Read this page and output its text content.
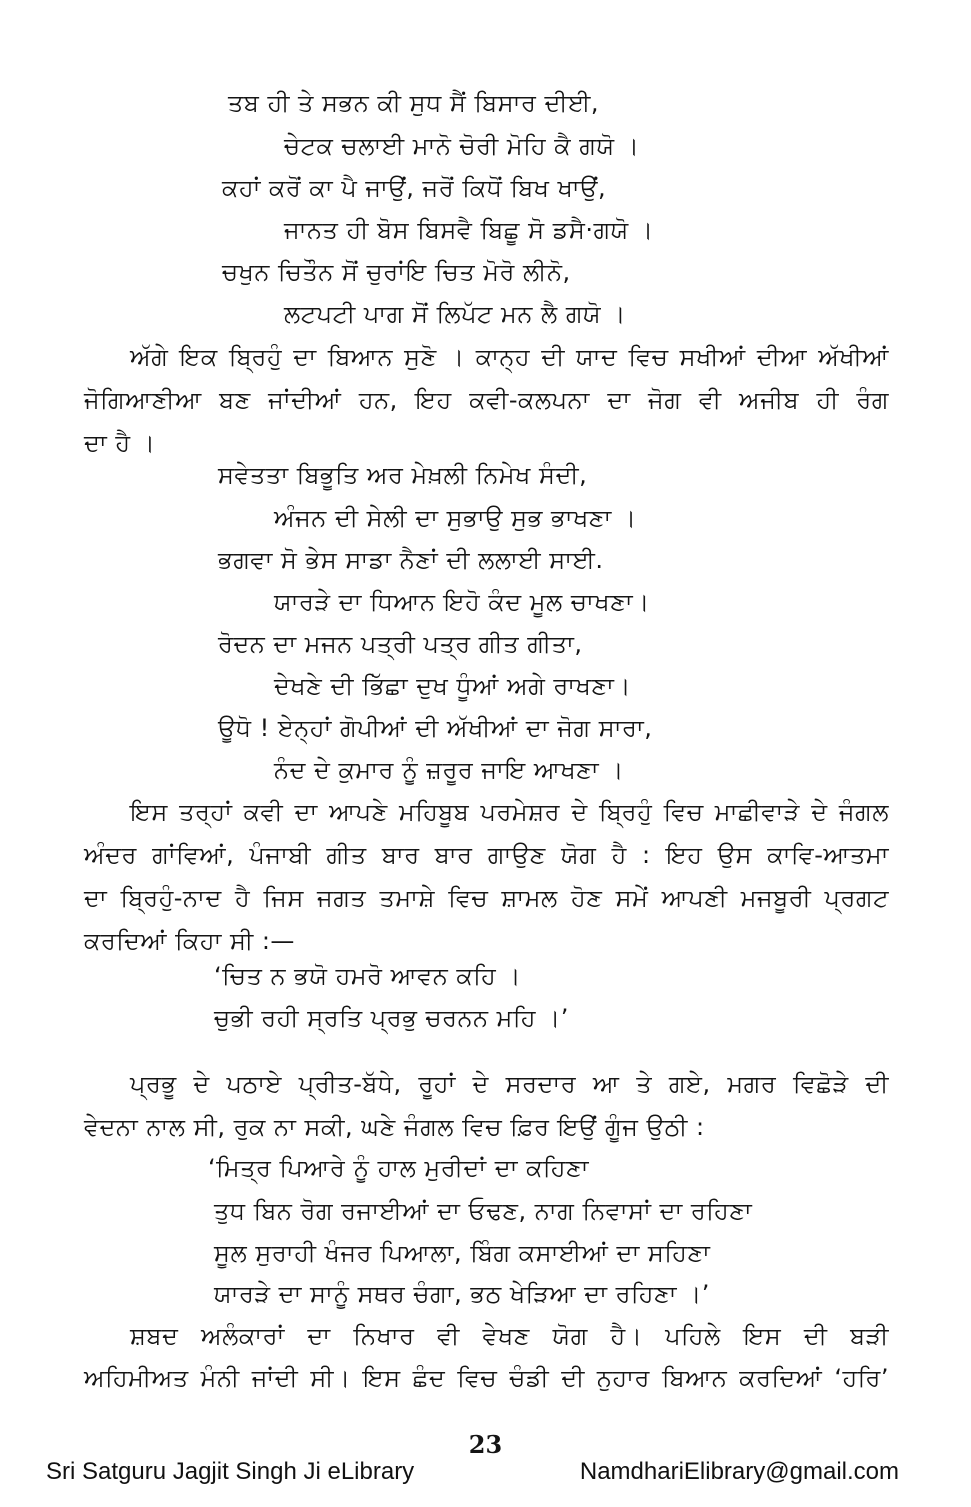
ਤਬ ਹੀ ਤੇ ਸਭਨ ਕੀ ਸੁਧ ਸੈਂ ਬਿਸਾਰ ਦੀਈ,
ਚੇਟਕ ਚਲਾਈ ਮਾਨੋ ਚੋਰੀ ਮੋਹਿ ਕੈ ਗਯੋ ।
ਕਹਾਂ ਕਰੋਂ ਕਾ ਪੈ ਜਾਉਂ, ਜਰੋਂ ਕਿਧੋਂ ਬਿਖ ਖਾਉਂ,
ਜਾਨਤ ਹੀ ਬੋਸ ਬਿਸਵੈ ਬਿਛੂ ਸੋ ਡਸੈ·ਗਯੋ ।
ਚਖੁਨ ਚਿਤੌਨ ਸੋਂ ਚੁਰਾਂਇ ਚਿਤ ਮੋਰੋ ਲੀਨੋ,
ਲਟਪਟੀ ਪਾਗ ਸੋਂ ਲਿਪੱਟ ਮਨ ਲੈ ਗਯੋ ।
ਅੱਗੇ ਇਕ ਬ੍ਰਿਹੁੰ ਦਾ ਬਿਆਨ ਸੁਣੋ । ਕਾਨ੍ਹ ਦੀ ਯਾਦ ਵਿਚ ਸਖੀਆਂ ਦੀਆ ਅੱਖੀਆਂ
ਜੋਗਿਆਣੀਆ ਬਣ ਜਾਂਦੀਆਂ ਹਨ, ਇਹ ਕਵੀ-ਕਲਪਨਾ ਦਾ ਜੋਗ ਵੀ ਅਜੀਬ ਹੀ ਰੰਗ
ਦਾ ਹੈ ।
ਸਵੇਤਤਾ ਬਿਭੂਤਿ ਅਰ ਮੇਖ਼ਲੀ ਨਿਮੇਖ ਸੰਦੀ,
ਅੰਜਨ ਦੀ ਸੇਲੀ ਦਾ ਸੁਭਾਉ ਸੁਭ ਭਾਖਣਾ ।
ਭਗਵਾ ਸੋ ਭੇਸ ਸਾਡਾ ਨੈਣਾਂ ਦੀ ਲਲਾਈ ਸਾਈ.
ਯਾਰੜੇ ਦਾ ਧਿਆਨ ਇਹੋ ਕੰਦ ਮੂਲ ਚਾਖਣਾ।
ਰੋਦਨ ਦਾ ਮਜਨ ਪਤ੍ਰੀ ਪਤ੍ਰ ਗੀਤ ਗੀਤਾ,
ਦੇਖਣੇ ਦੀ ਭਿੱਛਾ ਦੁਖ ਧੂੰਆਂ ਅਗੇ ਰਾਖਣਾ।
ਊਧੋ ! ਏਨ੍ਹਾਂ ਗੋਪੀਆਂ ਦੀ ਅੱਖੀਆਂ ਦਾ ਜੋਗ ਸਾਰਾ,
ਨੰਦ ਦੇ ਕੁਮਾਰ ਨੂੰ ਜ਼ਰੂਰ ਜਾਇ ਆਖਣਾ ।
ਇਸ ਤਰ੍ਹਾਂ ਕਵੀ ਦਾ ਆਪਣੇ ਮਹਿਬੂਬ ਪਰਮੇਸ਼ਰ ਦੇ ਬ੍ਰਿਹੁੰ ਵਿਚ ਮਾਛੀਵਾੜੇ ਦੇ ਜੰਗਲ
ਅੰਦਰ ਗਾਂਵਿਆਂ, ਪੰਜਾਬੀ ਗੀਤ ਬਾਰ ਬਾਰ ਗਾਉਣ ਯੋਗ ਹੈ : ਇਹ ਉਸ ਕਾਵਿ-ਆਤਮਾ
ਦਾ ਬ੍ਰਿਹੁੰ-ਨਾਦ ਹੈ ਜਿਸ ਜਗਤ ਤਮਾਸ਼ੇ ਵਿਚ ਸ਼ਾਮਲ ਹੋਣ ਸਮੇਂ ਆਪਣੀ ਮਜਬੂਰੀ ਪ੍ਰਗਟ
ਕਰਦਿਆਂ ਕਿਹਾ ਸੀ :—
‘ਚਿਤ ਨ ਭਯੋ ਹਮਰੋ ਆਵਨ ਕਹਿ ।
ਚੁਭੀ ਰਹੀ ਸ੍ਰਤਿ ਪ੍ਰਭੁ ਚਰਨਨ ਮਹਿ ।’
ਪ੍ਰਭੂ ਦੇ ਪਠਾਏ ਪ੍ਰੀਤ-ਬੱਧੇ, ਰੂਹਾਂ ਦੇ ਸਰਦਾਰ ਆ ਤੇ ਗਏ, ਮਗਰ ਵਿਛੋੜੇ ਦੀ
ਵੇਦਨਾ ਨਾਲ ਸੀ, ਰੁਕ ਨਾ ਸਕੀ, ਘਣੇ ਜੰਗਲ ਵਿਚ ਫ਼ਿਰ ਇਉਂ ਗੂੰਜ ਉਠੀ :
‘ਮਿਤ੍ਰ ਪਿਆਰੇ ਨੂੰ ਹਾਲ ਮੁਰੀਦਾਂ ਦਾ ਕਹਿਣਾ
ਤੁਧ ਬਿਨ ਰੋਗ ਰਜਾਈਆਂ ਦਾ ਓਢਣ, ਨਾਗ ਨਿਵਾਸਾਂ ਦਾ ਰਹਿਣਾ
ਸੂਲ ਸੁਰਾਹੀ ਖੰਜਰ ਪਿਆਲਾ, ਬਿੰਗ ਕਸਾਈਆਂ ਦਾ ਸਹਿਣਾ
ਯਾਰੜੇ ਦਾ ਸਾਨੂੰ ਸਥਰ ਚੰਗਾ, ਭਠ ਖੇੜਿਆ ਦਾ ਰਹਿਣਾ ।’
ਸ਼ਬਦ ਅਲੰਕਾਰਾਂ ਦਾ ਨਿਖਾਰ ਵੀ ਵੇਖਣ ਯੋਗ ਹੈ। ਪਹਿਲੇ ਇਸ ਦੀ ਬੜੀ
ਅਹਿਮੀਅਤ ਮੰਨੀ ਜਾਂਦੀ ਸੀ। ਇਸ ਛੰਦ ਵਿਚ ਚੰਡੀ ਦੀ ਨੁਹਾਰ ਬਿਆਨ ਕਰਦਿਆਂ ‘ਹਰਿ’
23
Sri Satguru Jagjit Singh Ji eLibrary	NamdhariElibrary@gmail.com
